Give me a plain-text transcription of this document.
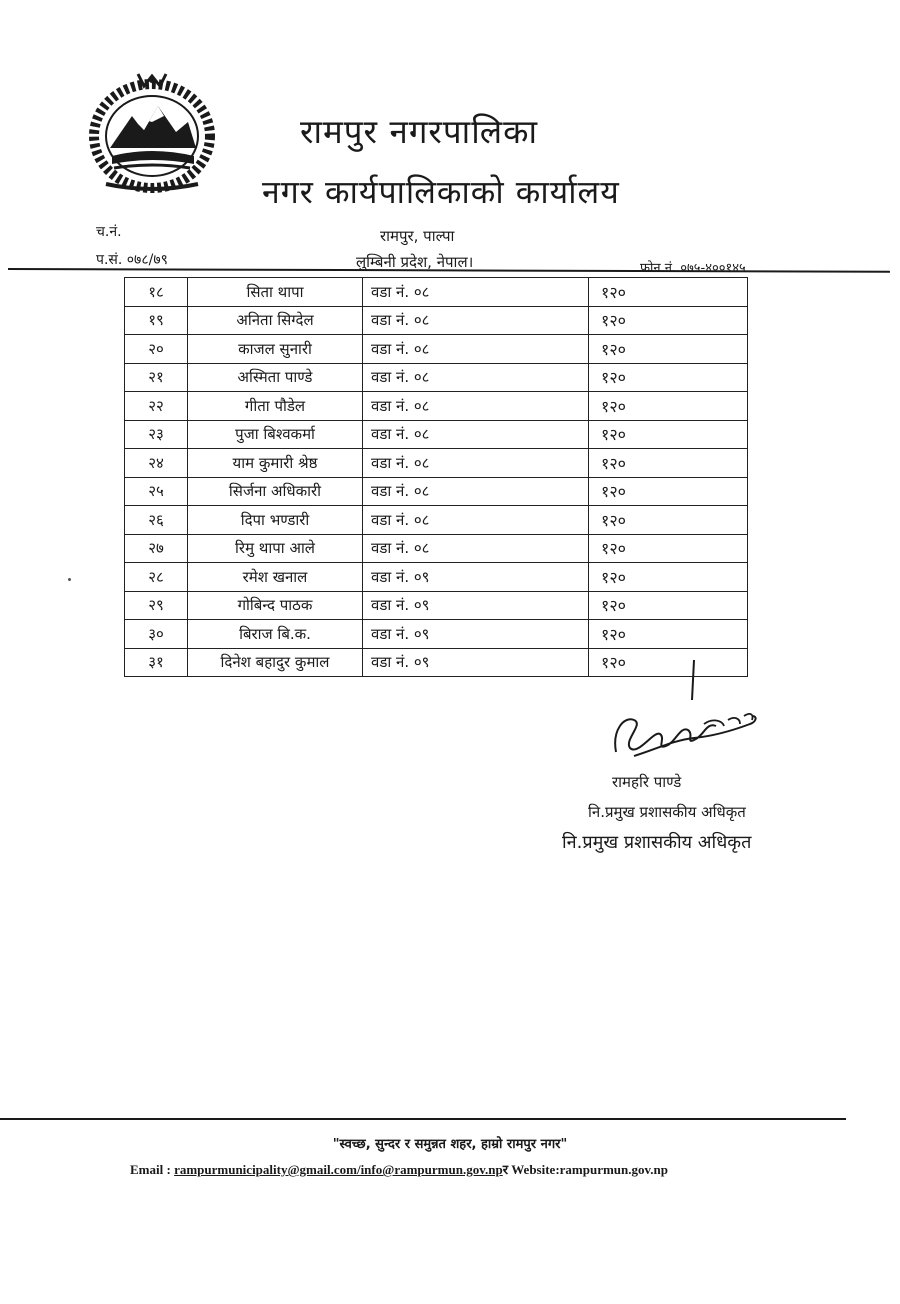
रामपुर नगरपालिका
नगर कार्यपालिकाको कार्यालय
च.नं.
प.सं. ०७८/७९
रामपुर, पाल्पा
लुम्बिनी प्रदेश, नेपाल।	फोन नं. ०७५-४००१४५
१८	सिता थापा	वडा नं. ०८	१२०
१९	अनिता सिग्देल	वडा नं. ०८	१२०
२०	काजल सुनारी	वडा नं. ०८	१२०
२१	अस्मिता पाण्डे	वडा नं. ०८	१२०
२२	गीता पौडेल	वडा नं. ०८	१२०
२३	पुजा बिश्वकर्मा	वडा नं. ०८	१२०
२४	याम कुमारी श्रेष्ठ	वडा नं. ०८	१२०
२५	सिर्जना अधिकारी	वडा नं. ०८	१२०
२६	दिपा भण्डारी	वडा नं. ०८	१२०
२७	रिमु थापा आले	वडा नं. ०८	१२०
२८	रमेश खनाल	वडा नं. ०९	१२०
२९	गोबिन्द पाठक	वडा नं. ०९	१२०
३०	बिराज बि.क.	वडा नं. ०९	१२०
३१	दिनेश बहादुर कुमाल	वडा नं. ०९	१२०
रामहरि पाण्डे
नि.प्रमुख प्रशासकीय अधिकृत
नि.प्रमुख प्रशासकीय अधिकृत
"स्वच्छ, सुन्दर र समुन्नत शहर, हाम्रो रामपुर नगर"
Email : rampurmunicipality@gmail.com/info@rampurmun.gov.npर Website:rampurmun.gov.np
